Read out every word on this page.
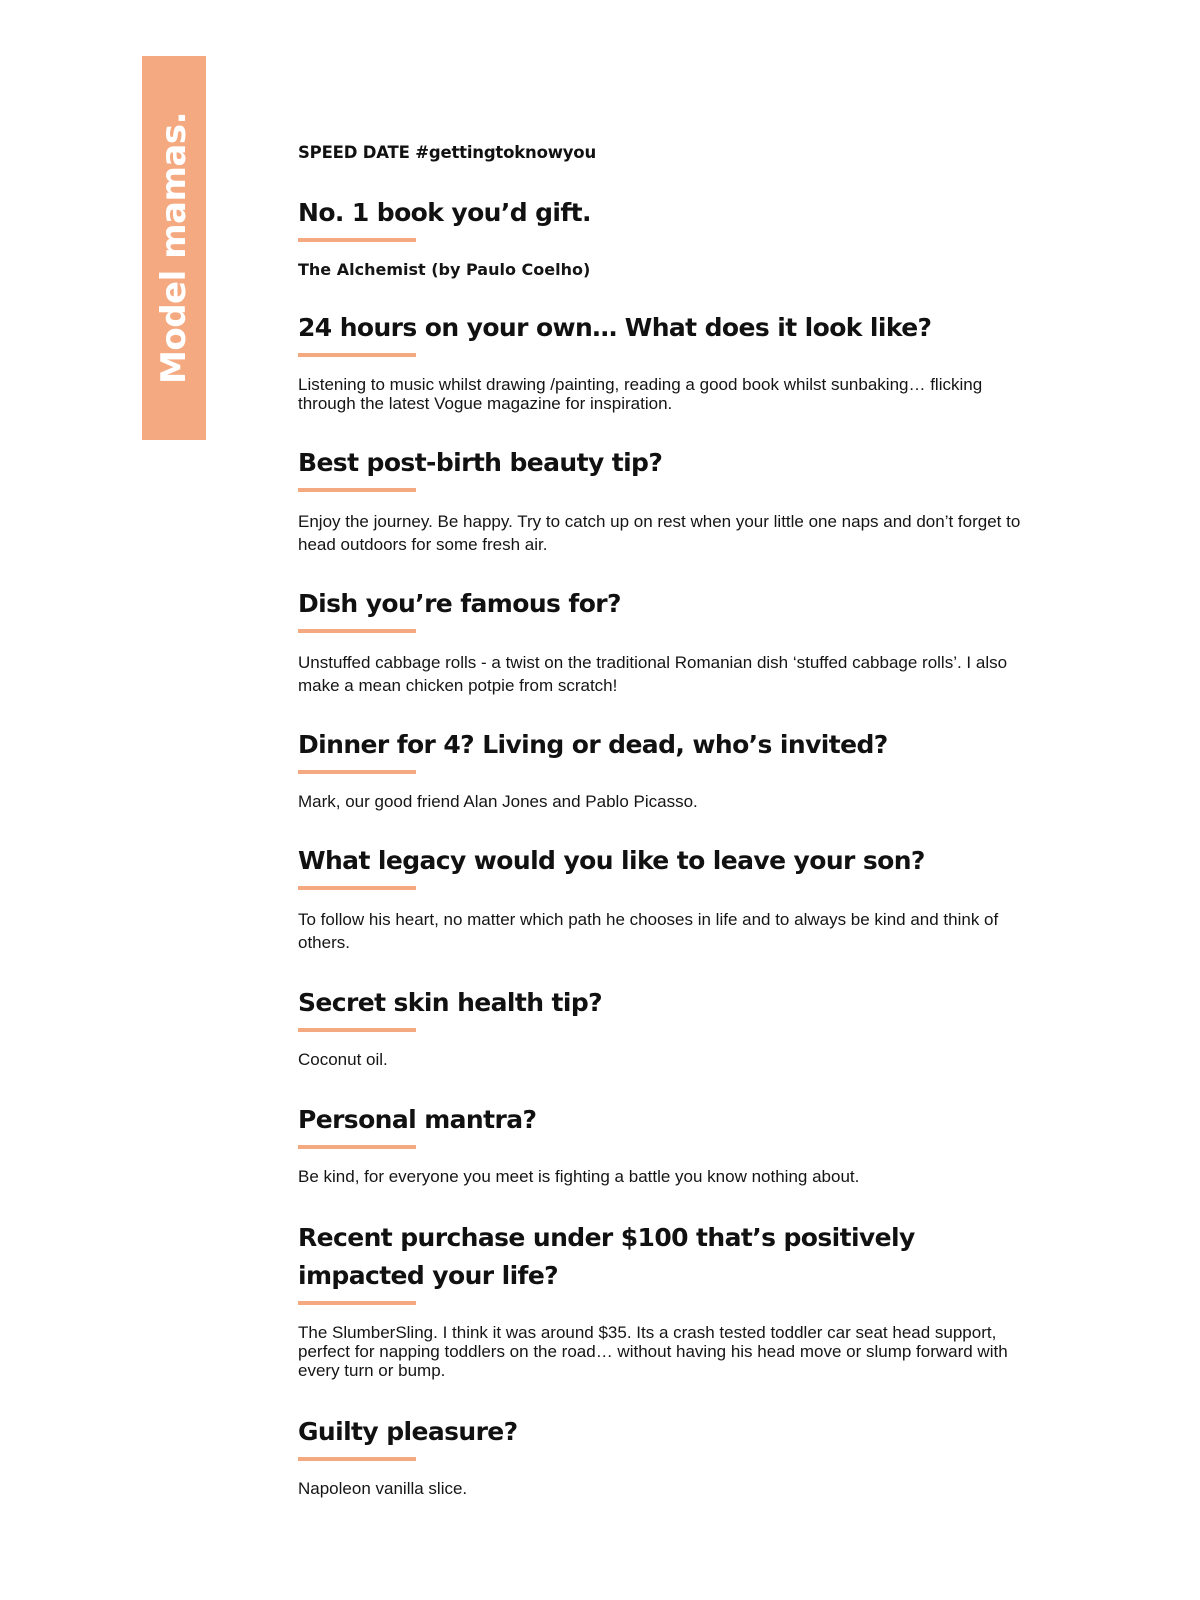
Model mamas.	SPEED DATE #gettingtoknowyou
No. 1 book you’d gift.
The Alchemist (by Paulo Coelho)
24 hours on your own… What does it look like?
Listening to music whilst drawing /painting, reading a good book whilst sunbaking… flicking through the latest Vogue magazine for inspiration.
Best post-birth beauty tip?
Enjoy the journey. Be happy. Try to catch up on rest when your little one naps and don’t forget to head outdoors for some fresh air.
Dish you’re famous for?
Unstuffed cabbage rolls - a twist on the traditional Romanian dish ‘stuffed cabbage rolls’. I also make a mean chicken potpie from scratch!
Dinner for 4? Living or dead, who’s invited?
Mark, our good friend Alan Jones and Pablo Picasso.
What legacy would you like to leave your son?
To follow his heart, no matter which path he chooses in life and to always be kind and think of others.
Secret skin health tip?
Coconut oil.
Personal mantra?
Be kind, for everyone you meet is fighting a battle you know nothing about.
Recent purchase under $100 that’s positively impacted your life?
The SlumberSling. I think it was around $35. Its a crash tested toddler car seat head support, perfect for napping toddlers on the road… without having his head move or slump forward with every turn or bump.
Guilty pleasure?
Napoleon vanilla slice.
